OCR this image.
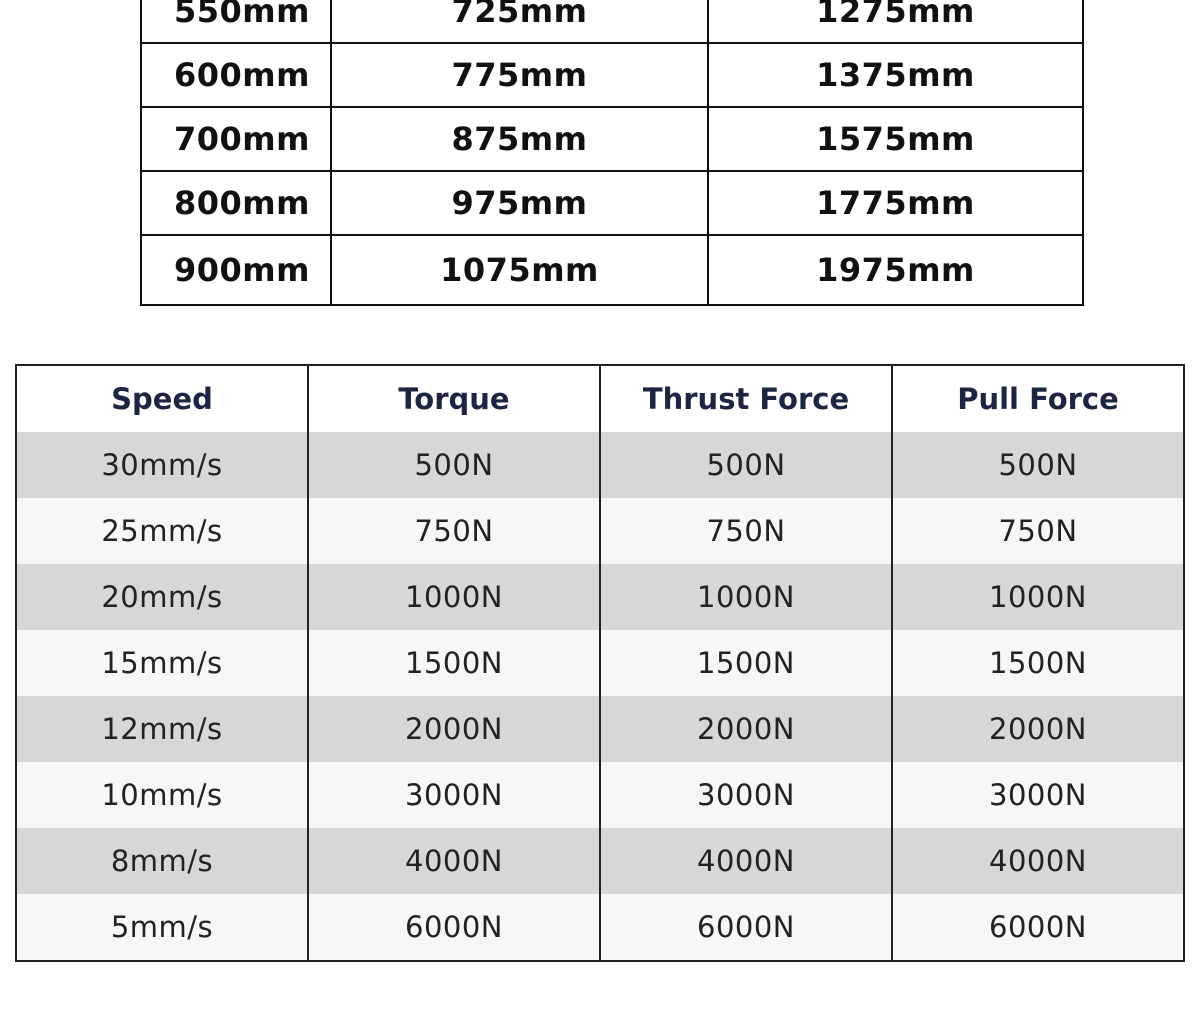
550mm	725mm	1275mm
600mm	775mm	1375mm
700mm	875mm	1575mm
800mm	975mm	1775mm
900mm	1075mm	1975mm
Speed	Torque	Thrust Force	Pull Force
30mm/s	500N	500N	500N
25mm/s	750N	750N	750N
20mm/s	1000N	1000N	1000N
15mm/s	1500N	1500N	1500N
12mm/s	2000N	2000N	2000N
10mm/s	3000N	3000N	3000N
8mm/s	4000N	4000N	4000N
5mm/s	6000N	6000N	6000N
